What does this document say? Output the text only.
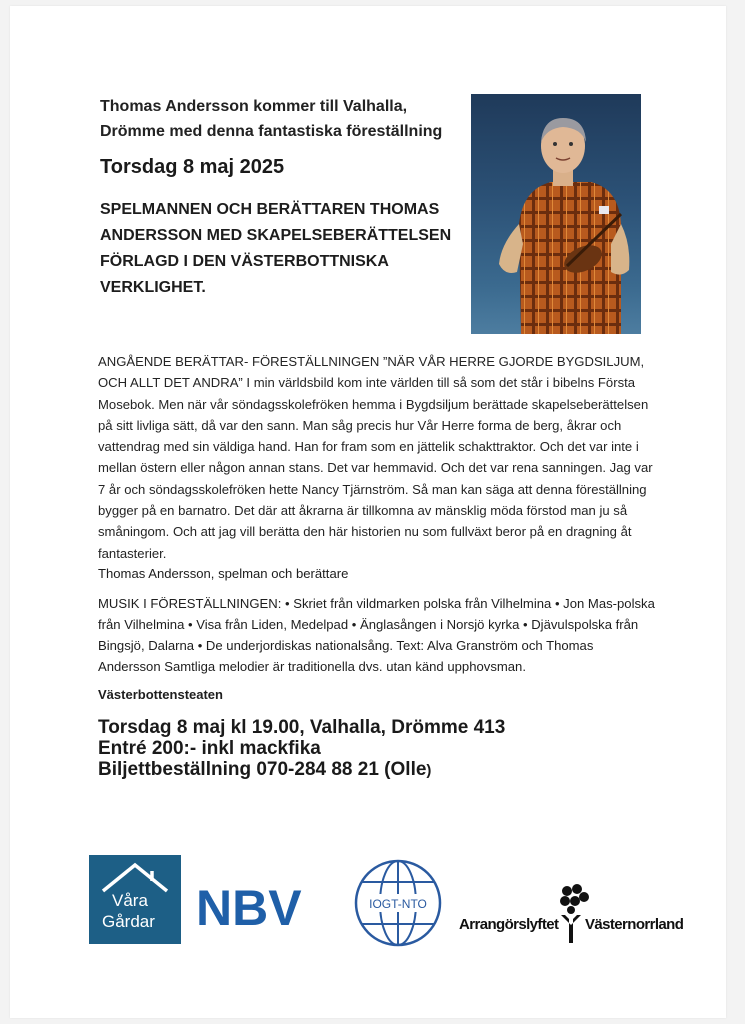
Thomas Andersson kommer till Valhalla, Drömme med denna fantastiska föreställning

Torsdag 8 maj 2025

SPELMANNEN OCH BERÄTTAREN THOMAS ANDERSSON MED SKAPELSEBERÄTTELSEN FÖRLAGD I DEN VÄSTERBOTTNISKA VERKLIGHET.

ANGÅENDE BERÄTTAR- FÖRESTÄLLNINGEN ”NÄR VÅR HERRE GJORDE BYGDSILJUM, OCH ALLT DET ANDRA” I min världsbild kom inte världen till så som det står i bibelns Första Mosebok. Men när vår söndagsskolefröken hemma i Bygdsiljum berättade skapelseberättelsen på sitt livliga sätt, då var den sann. Man såg precis hur Vår Herre forma de berg, åkrar och vattendrag med sin väldiga hand. Han for fram som en jättelik schakttraktor. Och det var inte i mellan östern eller någon annan stans. Det var hemmavid. Och det var rena sanningen. Jag var 7 år och söndagsskolefröken hette Nancy Tjärnström. Så man kan säga att denna föreställning bygger på en barnatro. Det där att åkrarna är tillkomna av mänsklig möda förstod man ju så småningom. Och att jag vill berätta den här historien nu som fullväxt beror på en dragning åt fantasterier.

Thomas Andersson, spelman och berättare

MUSIK I FÖRESTÄLLNINGEN: • Skriet från vildmarken polska från Vilhelmina • Jon Mas-polska från Vilhelmina • Visa från Liden, Medelpad • Änglasången i Norsjö kyrka • Djävulspolska från Bingsjö, Dalarna • De underjordiskas nationalsång. Text: Alva Granström och Thomas Andersson Samtliga melodier är traditionella dvs. utan känd upphovsman.

Västerbottensteaten

Torsdag 8 maj kl 19.00, Valhalla, Drömme 413
Entré 200:- inkl mackfika
Biljettbeställning 070-284 88 21 (Olle)
Våra
Gårdar NBV	IOGT-NTO
Arrangörslyftet Västernorrland
